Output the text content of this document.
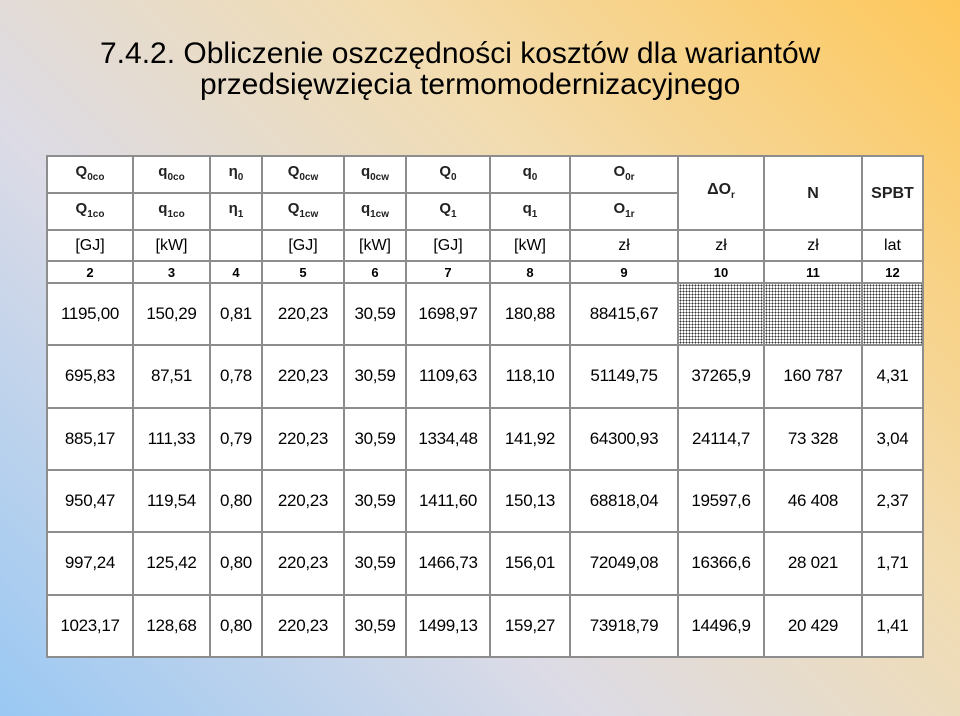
7.4.2. Obliczenie oszczędności kosztów dla wariantów
przedsięwzięcia termomodernizacyjnego
$Q_{0co}$	$q_{0co}$	$\eta_0$	$Q_{0cw}$	$q_{0cw}$	$Q_0$	$q_0$	$O_{0r}$	$\Delta O_r$	N	SPBT

$Q_{1co}$	$q_{1co}$	$\eta_1$	$Q_{1cw}$	$q_{1cw}$	$Q_1$	$q_1$	$O_{1r}$

[GJ]	[kW]		[GJ]	[kW]	[GJ]	[kW]	zł	zł	zł	lat
2	3	4	5	6	7	8	9	10	11	12
1195,00	150,29	0,81	220,23	30,59	1698,97	180,88	88415,67			
695,83	87,51	0,78	220,23	30,59	1109,63	118,10	51149,75	37265,9	160 787	4,31
885,17	111,33	0,79	220,23	30,59	1334,48	141,92	64300,93	24114,7	73 328	3,04
950,47	119,54	0,80	220,23	30,59	1411,60	150,13	68818,04	19597,6	46 408	2,37
997,24	125,42	0,80	220,23	30,59	1466,73	156,01	72049,08	16366,6	28 021	1,71
1023,17	128,68	0,80	220,23	30,59	1499,13	159,27	73918,79	14496,9	20 429	1,41
